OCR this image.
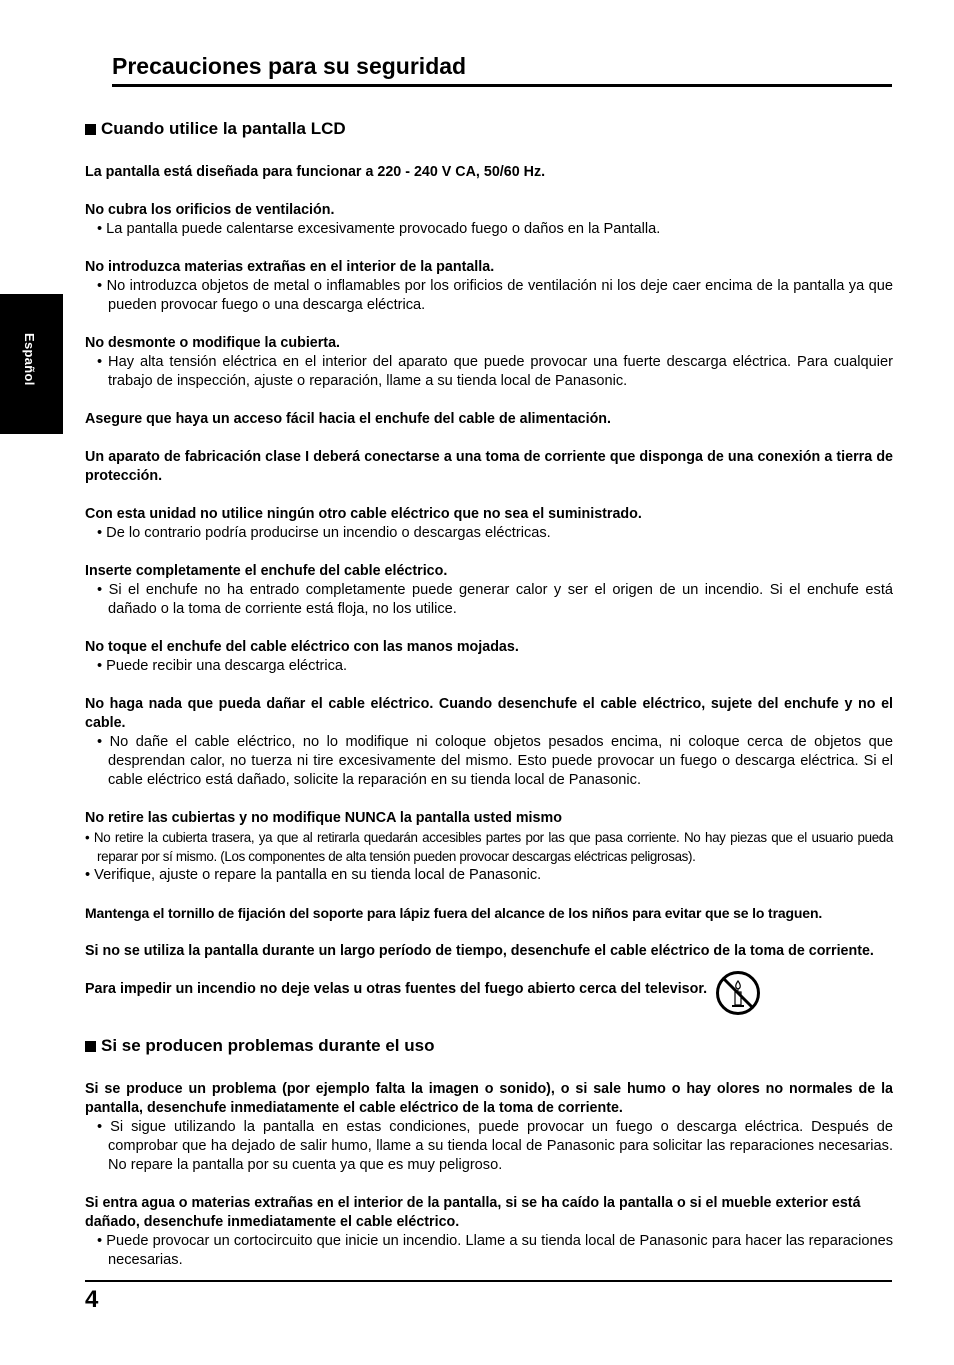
Precauciones para su seguridad
Español
Cuando utilice la pantalla LCD

La pantalla está diseñada para funcionar a 220 - 240 V CA, 50/60 Hz.

No cubra los orificios de ventilación.

• La pantalla puede calentarse excesivamente provocado fuego o daños en la Pantalla.

No introduzca materias extrañas en el interior de la pantalla.

• No introduzca objetos de metal o inflamables por los orificios de ventilación ni los deje caer encima de la pantalla ya que pueden provocar fuego o una descarga eléctrica.

No desmonte o modifique la cubierta.

• Hay alta tensión eléctrica en el interior del aparato que puede provocar una fuerte descarga eléctrica. Para cualquier trabajo de inspección, ajuste o reparación, llame a su tienda local de Panasonic.

Asegure que haya un acceso fácil hacia el enchufe del cable de alimentación.

Un aparato de fabricación clase I deberá conectarse a una toma de corriente que disponga de una conexión a tierra de protección.

Con esta unidad no utilice ningún otro cable eléctrico que no sea el suministrado.

• De lo contrario podría producirse un incendio o descargas eléctricas.

Inserte completamente el enchufe del cable eléctrico.

• Si el enchufe no ha entrado completamente puede generar calor y ser el origen de un incendio. Si el enchufe está dañado o la toma de corriente está floja, no los utilice.

No toque el enchufe del cable eléctrico con las manos mojadas.

• Puede recibir una descarga eléctrica.

No haga nada que pueda dañar el cable eléctrico. Cuando desenchufe el cable eléctrico, sujete del enchufe y no el cable.

• No dañe el cable eléctrico, no lo modifique ni coloque objetos pesados encima, ni coloque cerca de objetos que desprendan calor, no tuerza ni tire excesivamente del mismo. Esto puede provocar un fuego o descarga eléctrica. Si el cable eléctrico está dañado, solicite la reparación en su tienda local de Panasonic.

No retire las cubiertas y no modifique NUNCA la pantalla usted mismo

• No retire la cubierta trasera, ya que al retirarla quedarán accesibles partes por las que pasa corriente. No hay piezas que el usuario pueda reparar por sí mismo. (Los componentes de alta tensión pueden provocar descargas eléctricas peligrosas).

• Verifique, ajuste o repare la pantalla en su tienda local de Panasonic.

Mantenga el tornillo de fijación del soporte para lápiz fuera del alcance de los niños para evitar que se lo traguen.

Si no se utiliza la pantalla durante un largo período de tiempo, desenchufe el cable eléctrico de la toma de corriente.

Para impedir un incendio no deje velas u otras fuentes del fuego abierto cerca del televisor.

Si se producen problemas durante el uso

Si se produce un problema (por ejemplo falta la imagen o sonido), o si sale humo o hay olores no normales de la pantalla, desenchufe inmediatamente el cable eléctrico de la toma de corriente.

• Si sigue utilizando la pantalla en estas condiciones, puede provocar un fuego o descarga eléctrica. Después de comprobar que ha dejado de salir humo, llame a su tienda local de Panasonic para solicitar las reparaciones necesarias. No repare la pantalla por su cuenta ya que es muy peligroso.

Si entra agua o materias extrañas en el interior de la pantalla, si se ha caído la pantalla o si el mueble exterior está dañado, desenchufe inmediatamente el cable eléctrico.

• Puede provocar un cortocircuito que inicie un incendio. Llame a su tienda local de Panasonic para hacer las reparaciones necesarias.

4
